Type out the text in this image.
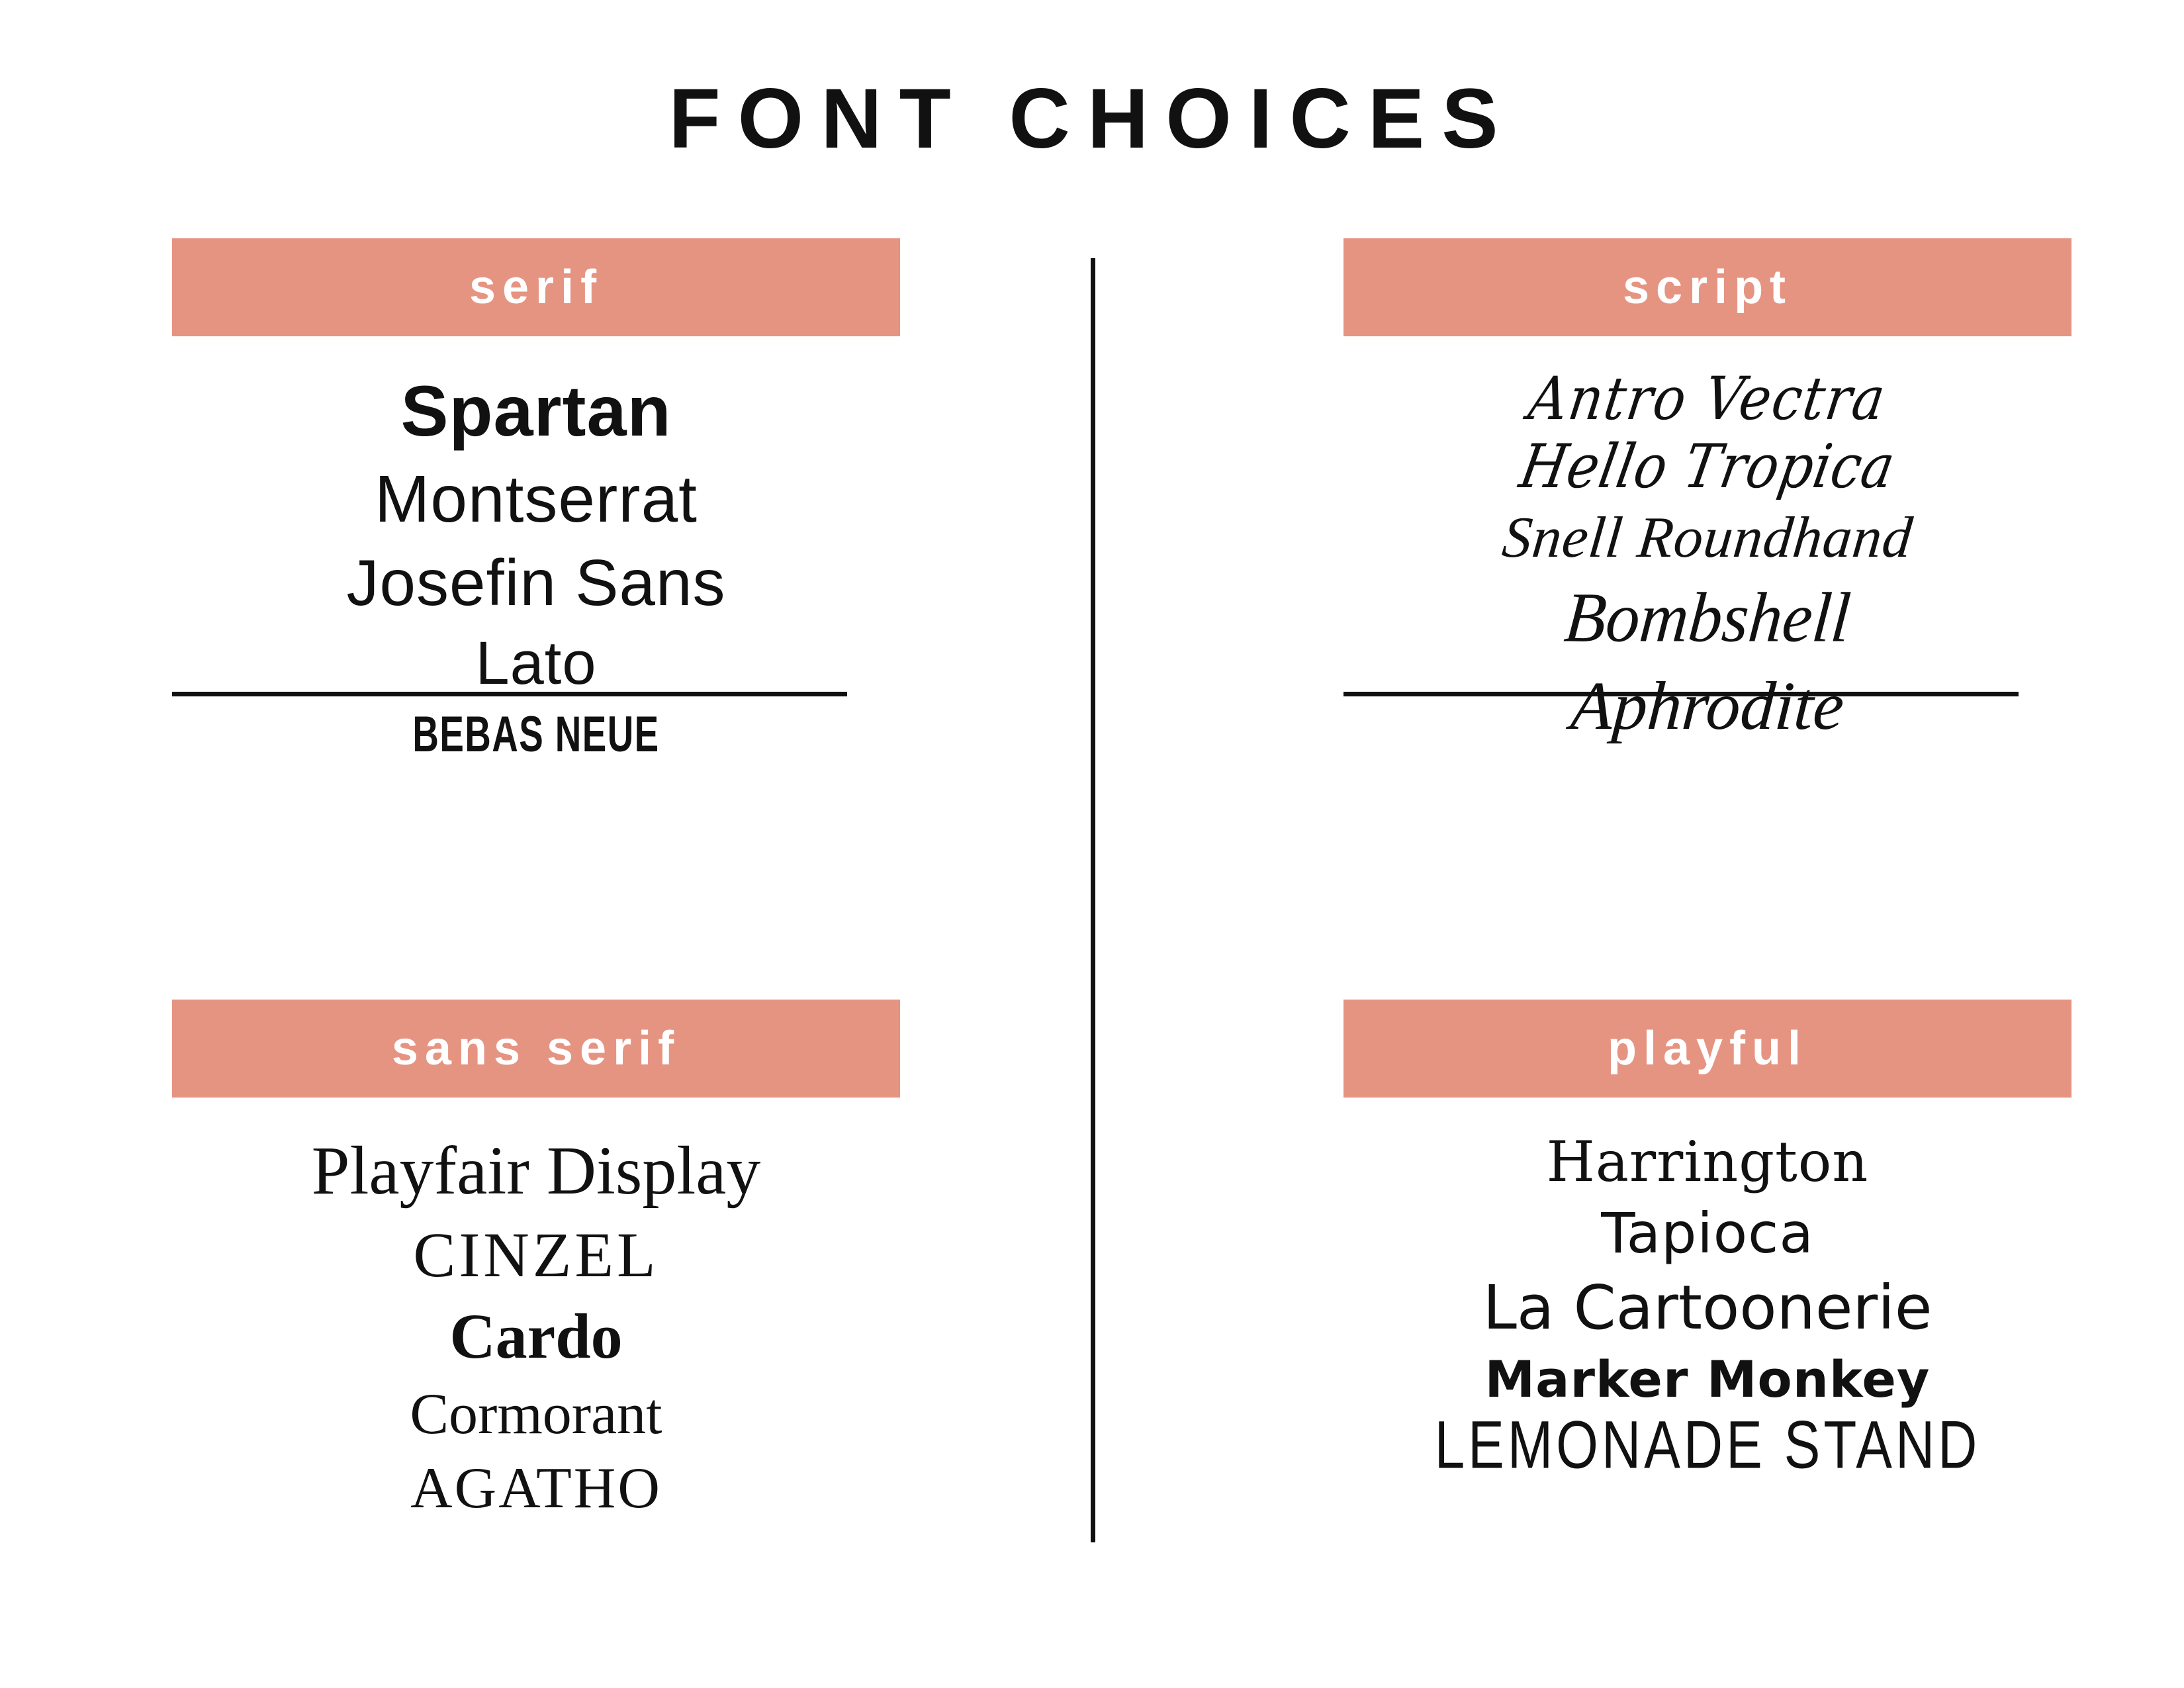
FONT CHOICES
serif
Spartan
Montserrat
Josefin Sans
Lato
BEBAS NEUE
sans serif
Playfair Display
CINZEL
Cardo
Cormorant
AGATHO
script
Antro Vectra
Hello Tropica
Snell Roundhand
Bombshell
Aphrodite
playful
Harrington
Tapioca
La Cartoonerie
Marker Monkey
LEMONADE STAND
